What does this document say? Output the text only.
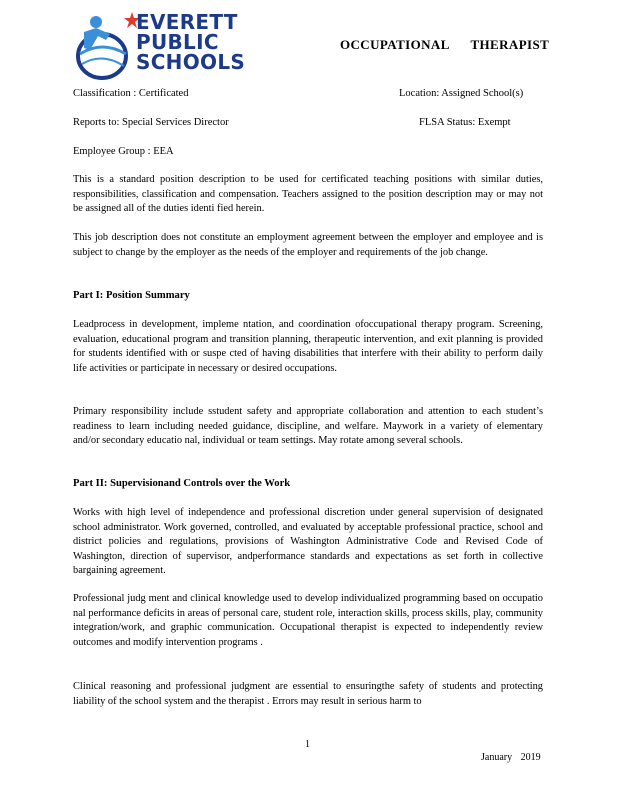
EVERETT
PUBLIC
SCHOOLS
OCCUPATIONAL THERAPIST
Classification : Certificated	Location: Assigned School(s)
Reports to: Special Services Director	FLSA Status: Exempt
Employee Group : EEA

This is a standard position description to be used for certificated teaching positions with similar duties, responsibilities, classification and compensation. Teachers assigned to the position description may or may not be assigned all of the duties identi fied herein.

This job description does not constitute an employment agreement between the employer and employee and is subject to change by the employer as the needs of the employer and requirements of the job change.

Part I: Position Summary

Leadprocess in development, impleme ntation, and coordination ofoccupational therapy program. Screening, evaluation, educational program and transition planning, therapeutic intervention, and exit planning is provided for students identified with or suspe cted of having disabilities that interfere with their ability to perform daily life activities or participate in necessary or desired occupations.

Primary responsibility include sstudent safety and appropriate collaboration and attention to each student’s readiness to learn including needed guidance, discipline, and welfare. Maywork in a variety of elementary and/or secondary educatio nal, individual or team settings. May rotate among several schools.

Part II: Supervisionand Controls over the Work

Works with high level of independence and professional discretion under general supervision of designated school administrator. Work governed, controlled, and evaluated by acceptable professional practice, school and district policies and regulations, provisions of Washington Administrative Code and Revised Code of Washington, direction of supervisor, andperformance standards and expectations as set forth in collective bargaining agreement.

Professional judg ment and clinical knowledge used to develop individualized programming based on occupatio nal performance deficits in areas of personal care, student role, interaction skills, process skills, play, community integration/work, and graphic communication. Occupational therapist is expected to independently review outcomes and modify intervention programs .

Clinical reasoning and professional judgment are essential to ensuringthe safety of students and protecting liability of the school system and the therapist . Errors may result in serious harm to

1
January 2019
